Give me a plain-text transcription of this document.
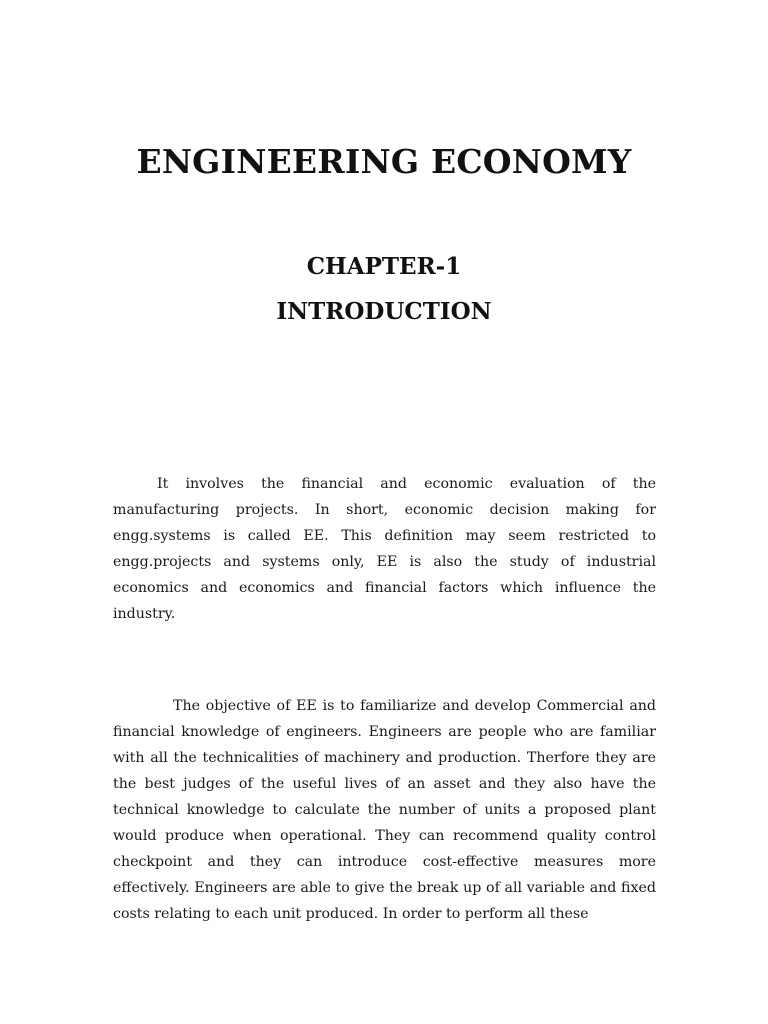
ENGINEERING ECONOMY
CHAPTER-1
INTRODUCTION

It involves the financial and economic evaluation of the manufacturing projects. In short, economic decision making for engg.systems is called EE. This definition may seem restricted to engg.projects and systems only, EE is also the study of industrial economics and economics and financial factors which influence the industry.

The objective of EE is to familiarize and develop Commercial and financial knowledge of engineers. Engineers are people who are familiar with all the technicalities of machinery and production. Therfore they are the best judges of the useful lives of an asset and they also have the technical knowledge to calculate the number of units a proposed plant would produce when operational. They can recommend quality control checkpoint and they can introduce cost-effective measures more effectively. Engineers are able to give the break up of all variable and fixed costs relating to each unit produced. In order to perform all these
